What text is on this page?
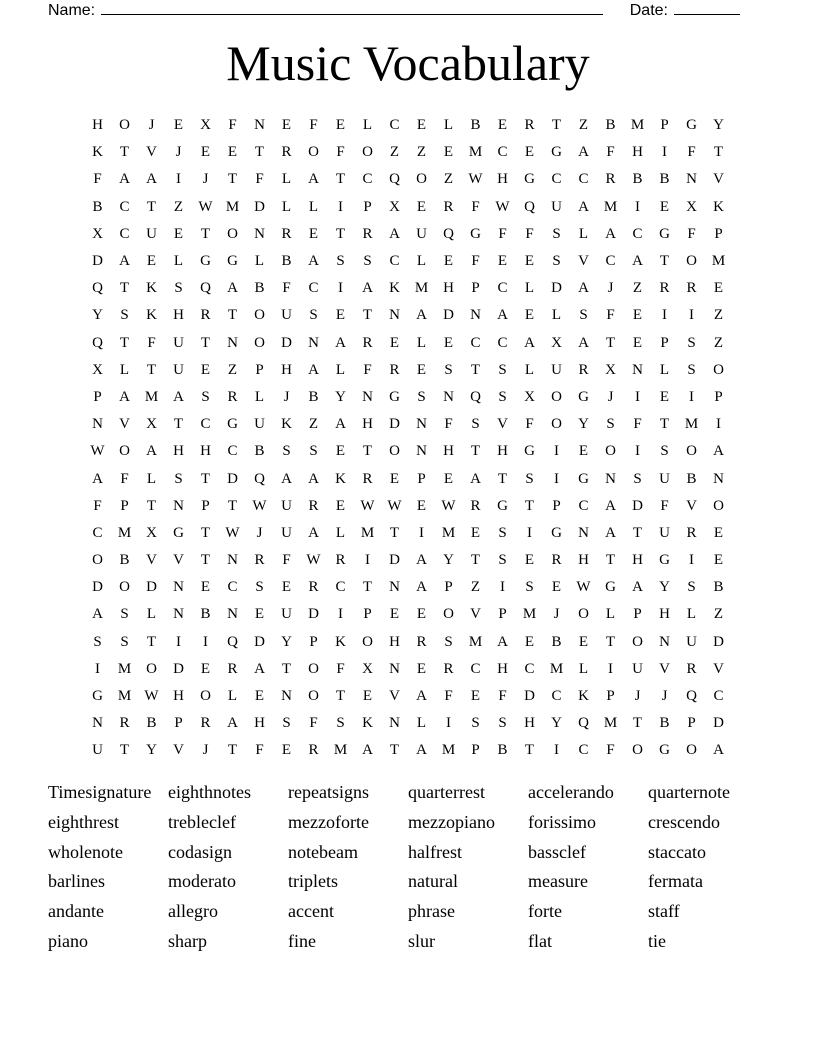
Name:	Date:
Music Vocabulary
H	O	J	E	X	F	N	E	F	E	L	C	E	L	B	E	R	T	Z	B	M	P	G	Y
K	T	V	J	E	E	T	R	O	F	O	Z	Z	E	M	C	E	G	A	F	H	I	F	T
F	A	A	I	J	T	F	L	A	T	C	Q	O	Z	W H	G	C	C	R	B	B	N	V
B	C	T	Z	W M D	L	L	I	P	X	E	R	F	W Q	U	A M	I	E	X	K
X	C	U	E	T	O	N	R	E	T	R	A	U	Q	G	F	F	S	L	A	C	G	F	P
D	A	E	L	G	G	L	B	A	S	S	C	L	E	F	E	E	S	V	C	A	T	O M
Q	T	K	S	Q	A	B	F	C	I	A	K M H	P	C	L	D	A	J	Z	R	R	E
Y	S	K	H	R	T	O	U	S	E	T	N	A	D	N	A	E	L	S	F	E	I	I	Z
Q	T	F	U	T	N	O	D	N	A	R	E	L	E	C	C	A	X	A	T	E	P	S	Z
X	L	T	U	E	Z	P	H	A	L	F	R	E	S	T	S	L	U	R	X	N	L	S	O
P	A M A	S	R	L	J	B	Y	N	G	S	N	Q	S	X	O	G	J	I	E	I	P
N	V	X	T	C	G	U	K	Z	A	H	D	N	F	S	V	F	O	Y	S	F	T	M	I
W O	A	H	H	C	B	S	S	E	T	O	N	H	T	H	G	I	E	O	I	S	O	A
A	F	L	S	T	D	Q	A	A	K	R	E	P	E	A	T	S	I	G	N	S	U	B	N
F	P	T	N	P	T	W U	R	E	W W	E	W R	G	T	P	C	A	D	F	V	O
C	M X	G	T	W	J	U	A	L	M	T	I	M	E	S	I	G	N	A	T	U	R	E
O	B	V	V	T	N	R	F	W R	I	D	A	Y	T	S	E	R	H	T	H	G	I	E
D	O	D	N	E	C	S	E	R	C	T	N	A	P	Z	I	S	E	W G	A	Y	S	B
A	S	L	N	B	N	E	U	D	I	P	E	E	O	V	P	M	J	O	L	P	H	L	Z
S	S	T	I	I	Q	D	Y	P	K	O	H	R	S	M A	E	B	E	T	O	N	U	D
I	M O	D	E	R	A	T	O	F	X	N	E	R	C	H	C	M	L	I	U	V	R	V
G M W H	O	L	E	N	O	T	E	V	A	F	E	F	D	C	K	P	J	J	Q	C
N	R	B	P	R	A	H	S	F	S	K	N	L	I	S	S	H	Y	Q M	T	B	P	D
U	T	Y	V	J	T	F	E	R	M A	T	A M	P	B	T	I	C	F	O	G	O	A
Timesignature eighthnotes	repeatsigns	quarterrest	accelerando	quarternote
eighthrest	trebleclef	mezzoforte	mezzopiano	forissimo	crescendo
wholenote	codasign	notebeam	halfrest	bassclef	staccato
barlines	moderato	triplets	natural	measure	fermata
andante	allegro	accent	phrase	forte	staff
piano	sharp	fine	slur	flat	tie
